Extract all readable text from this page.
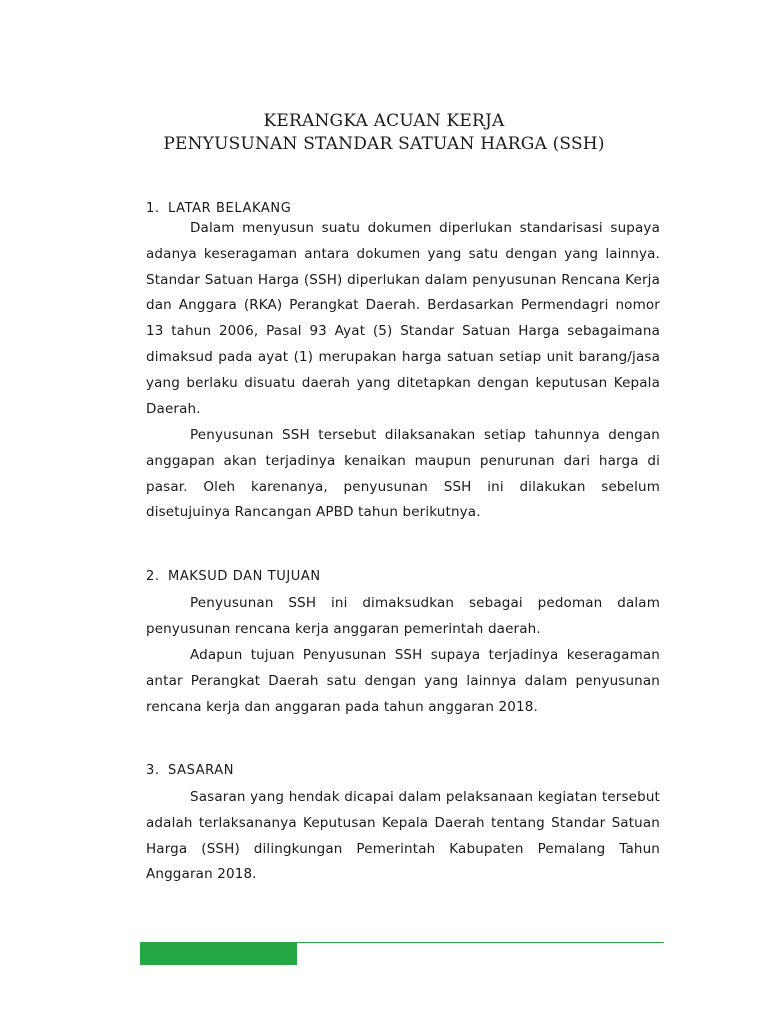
KERANGKA ACUAN KERJA
PENYUSUNAN STANDAR SATUAN HARGA (SSH)
1. LATAR BELAKANG
Dalam menyusun suatu dokumen diperlukan standarisasi supaya adanya keseragaman antara dokumen yang satu dengan yang lainnya. Standar Satuan Harga (SSH) diperlukan dalam penyusunan Rencana Kerja dan Anggara (RKA) Perangkat Daerah. Berdasarkan Permendagri nomor 13 tahun 2006, Pasal 93 Ayat (5) Standar Satuan Harga sebagaimana dimaksud pada ayat (1) merupakan harga satuan setiap unit barang/jasa yang berlaku disuatu daerah yang ditetapkan dengan keputusan Kepala Daerah.
Penyusunan SSH tersebut dilaksanakan setiap tahunnya dengan anggapan akan terjadinya kenaikan maupun penurunan dari harga di pasar. Oleh karenanya, penyusunan SSH ini dilakukan sebelum disetujuinya Rancangan APBD tahun berikutnya.
2. MAKSUD DAN TUJUAN
Penyusunan SSH ini dimaksudkan sebagai pedoman dalam penyusunan rencana kerja anggaran pemerintah daerah.
Adapun tujuan Penyusunan SSH supaya terjadinya keseragaman antar Perangkat Daerah satu dengan yang lainnya dalam penyusunan rencana kerja dan anggaran pada tahun anggaran 2018.
3. SASARAN
Sasaran yang hendak dicapai dalam pelaksanaan kegiatan tersebut adalah terlaksananya Keputusan Kepala Daerah tentang Standar Satuan Harga (SSH) dilingkungan Pemerintah Kabupaten Pemalang Tahun Anggaran 2018.
